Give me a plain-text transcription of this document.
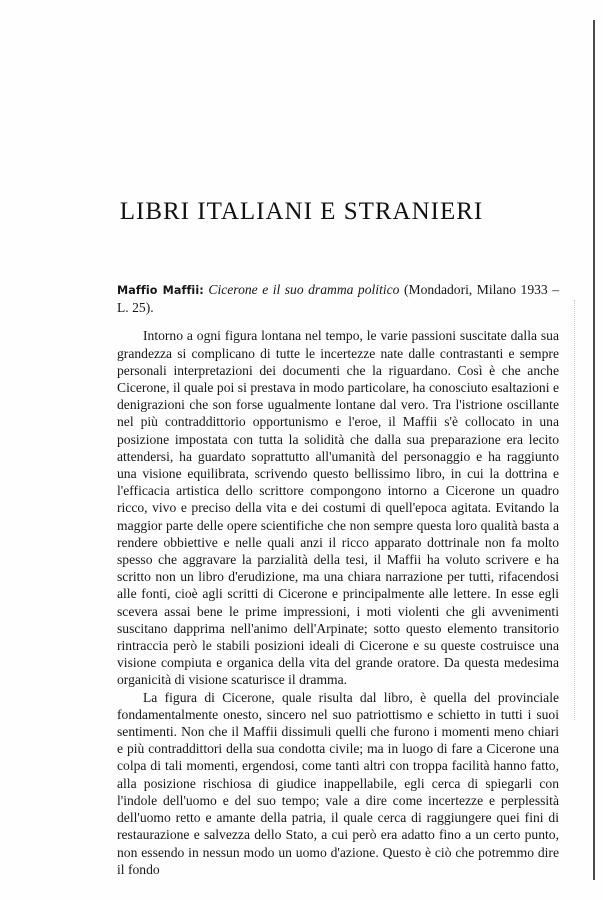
LIBRI ITALIANI E STRANIERI

Maffio Maffii: Cicerone e il suo dramma politico (Mondadori, Milano 1933 – L. 25).

Intorno a ogni figura lontana nel tempo, le varie passioni suscitate dalla sua grandezza si complicano di tutte le incertezze nate dalle contrastanti e sempre personali interpretazioni dei documenti che la riguardano. Così è che anche Cicerone, il quale poi si prestava in modo particolare, ha conosciuto esaltazioni e denigrazioni che son forse ugualmente lontane dal vero. Tra l'istrione oscillante nel più contraddittorio opportunismo e l'eroe, il Maffii s'è collocato in una posizione impostata con tutta la solidità che dalla sua preparazione era lecito attendersi, ha guardato soprattutto all'umanità del personaggio e ha raggiunto una visione equilibrata, scrivendo questo bellissimo libro, in cui la dottrina e l'efficacia artistica dello scrittore compongono intorno a Cicerone un quadro ricco, vivo e preciso della vita e dei costumi di quell'epoca agitata. Evitando la maggior parte delle opere scientifiche che non sempre questa loro qualità basta a rendere obbiettive e nelle quali anzi il ricco apparato dottrinale non fa molto spesso che aggravare la parzialità della tesi, il Maffii ha voluto scrivere e ha scritto non un libro d'erudizione, ma una chiara narrazione per tutti, rifacendosi alle fonti, cioè agli scritti di Cicerone e principalmente alle lettere. In esse egli scevera assai bene le prime impressioni, i moti violenti che gli avvenimenti suscitano dapprima nell'animo dell'Arpinate; sotto questo elemento transitorio rintraccia però le stabili posizioni ideali di Cicerone e su queste costruisce una visione compiuta e organica della vita del grande oratore. Da questa medesima organicità di visione scaturisce il dramma.

La figura di Cicerone, quale risulta dal libro, è quella del provinciale fondamentalmente onesto, sincero nel suo patriottismo e schietto in tutti i suoi sentimenti. Non che il Maffii dissimuli quelli che furono i momenti meno chiari e più contraddittori della sua condotta civile; ma in luogo di fare a Cicerone una colpa di tali momenti, ergendosi, come tanti altri con troppa facilità hanno fatto, alla posizione rischiosa di giudice inappellabile, egli cerca di spiegarli con l'indole dell'uomo e del suo tempo; vale a dire come incertezze e perplessità dell'uomo retto e amante della patria, il quale cerca di raggiungere quei fini di restaurazione e salvezza dello Stato, a cui però era adatto fino a un certo punto, non essendo in nessun modo un uomo d'azione. Questo è ciò che potremmo dire il fondo
